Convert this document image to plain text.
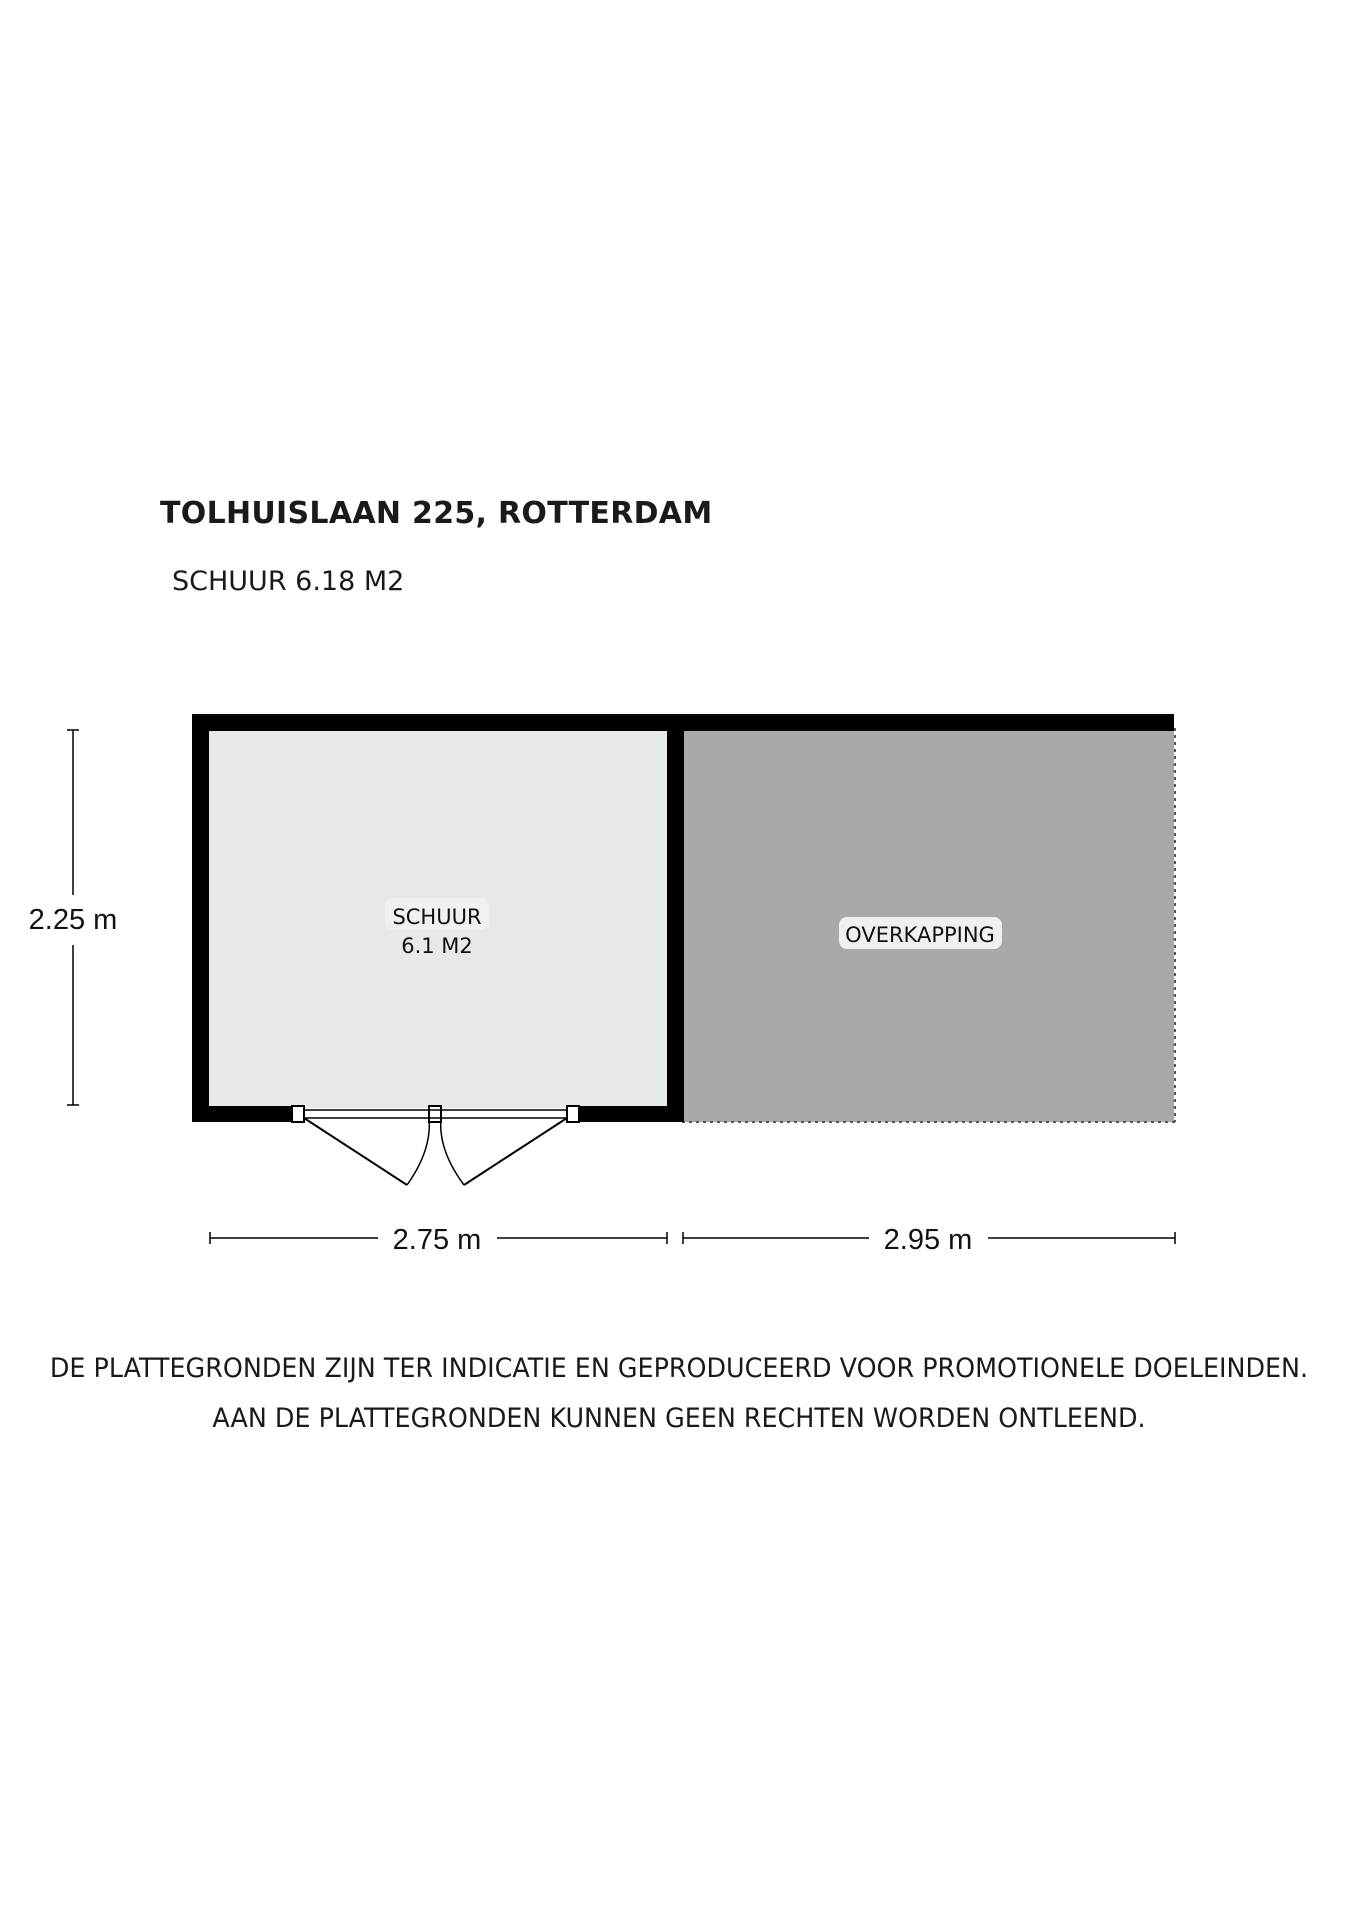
TOLHUISLAAN 225, ROTTERDAM
SCHUUR 6.18 M2
SCHUUR
6.1 M2	OVERKAPPING
2.25 m
2.75 m	2.95 m
DE PLATTEGRONDEN ZIJN TER INDICATIE EN GEPRODUCEERD VOOR PROMOTIONELE DOELEINDEN.
AAN DE PLATTEGRONDEN KUNNEN GEEN RECHTEN WORDEN ONTLEEND.
